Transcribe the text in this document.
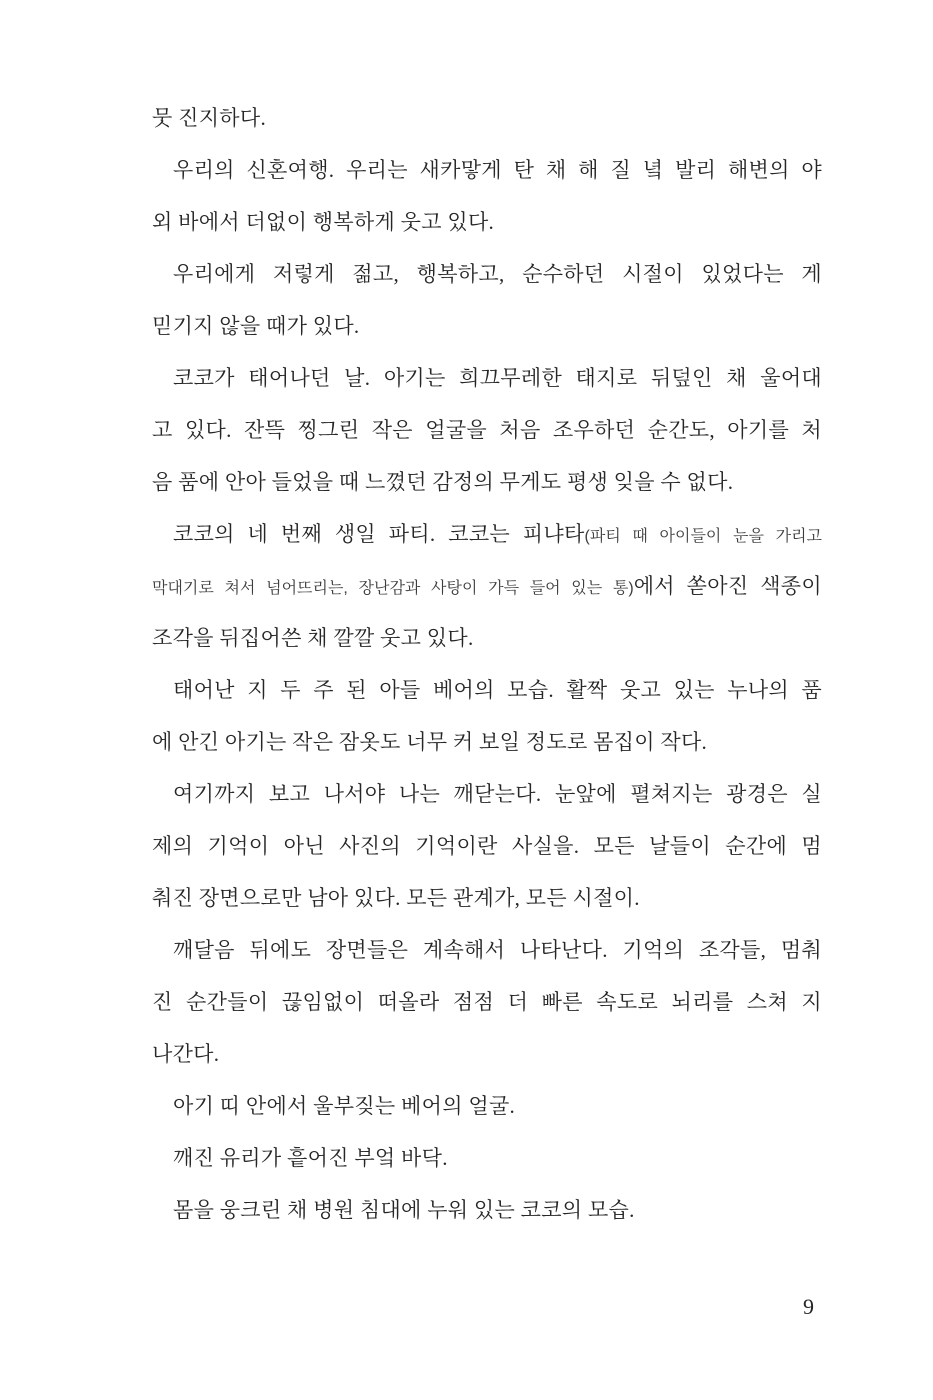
뭇 진지하다.
우리의 신혼여행. 우리는 새카맣게 탄 채 해 질 녘 발리 해변의 야
외 바에서 더없이 행복하게 웃고 있다.
우리에게 저렇게 젊고, 행복하고, 순수하던 시절이 있었다는 게
믿기지 않을 때가 있다.
코코가 태어나던 날. 아기는 희끄무레한 태지로 뒤덮인 채 울어대
고 있다. 잔뜩 찡그린 작은 얼굴을 처음 조우하던 순간도, 아기를 처
음 품에 안아 들었을 때 느꼈던 감정의 무게도 평생 잊을 수 없다.
코코의 네 번째 생일 파티. 코코는 피냐타(파티 때 아이들이 눈을 가리고
막대기로 쳐서 넘어뜨리는, 장난감과 사탕이 가득 들어 있는 통)에서 쏟아진 색종이
조각을 뒤집어쓴 채 깔깔 웃고 있다.
태어난 지 두 주 된 아들 베어의 모습. 활짝 웃고 있는 누나의 품
에 안긴 아기는 작은 잠옷도 너무 커 보일 정도로 몸집이 작다.
여기까지 보고 나서야 나는 깨닫는다. 눈앞에 펼쳐지는 광경은 실
제의 기억이 아닌 사진의 기억이란 사실을. 모든 날들이 순간에 멈
춰진 장면으로만 남아 있다. 모든 관계가, 모든 시절이.
깨달음 뒤에도 장면들은 계속해서 나타난다. 기억의 조각들, 멈춰
진 순간들이 끊임없이 떠올라 점점 더 빠른 속도로 뇌리를 스쳐 지
나간다.
아기 띠 안에서 울부짖는 베어의 얼굴.
깨진 유리가 흩어진 부엌 바닥.
몸을 웅크린 채 병원 침대에 누워 있는 코코의 모습.
9
